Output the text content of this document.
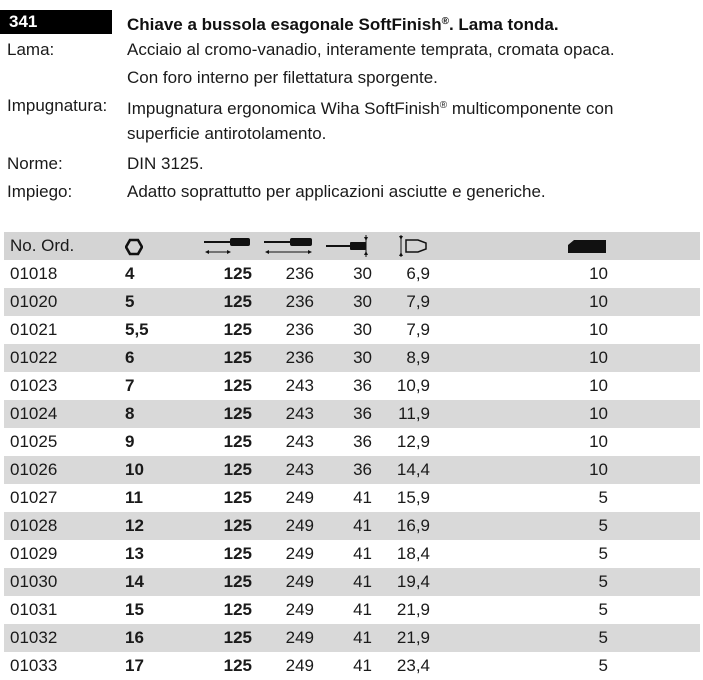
341	Chiave a bussola esagonale SoftFinish®. Lama tonda.
Lama:	Acciaio al cromo-vanadio, interamente temprata, cromata opaca.
Con foro interno per filettatura sporgente.
Impugnatura: Impugnatura ergonomica Wiha SoftFinish® multicomponente con
superficie antirotolamento.
Norme:	DIN 3125.
Impiego:	Adatto soprattutto per applicazioni asciutte e generiche.
No. Ord.						
01018	4	125	236	30	6,9	10
01020	5	125	236	30	7,9	10
01021	5,5	125	236	30	7,9	10
01022	6	125	236	30	8,9	10
01023	7	125	243	36	10,9	10
01024	8	125	243	36	11,9	10
01025	9	125	243	36	12,9	10
01026	10	125	243	36	14,4	10
01027	11	125	249	41	15,9	5
01028	12	125	249	41	16,9	5
01029	13	125	249	41	18,4	5
01030	14	125	249	41	19,4	5
01031	15	125	249	41	21,9	5
01032	16	125	249	41	21,9	5
01033	17	125	249	41	23,4	5
